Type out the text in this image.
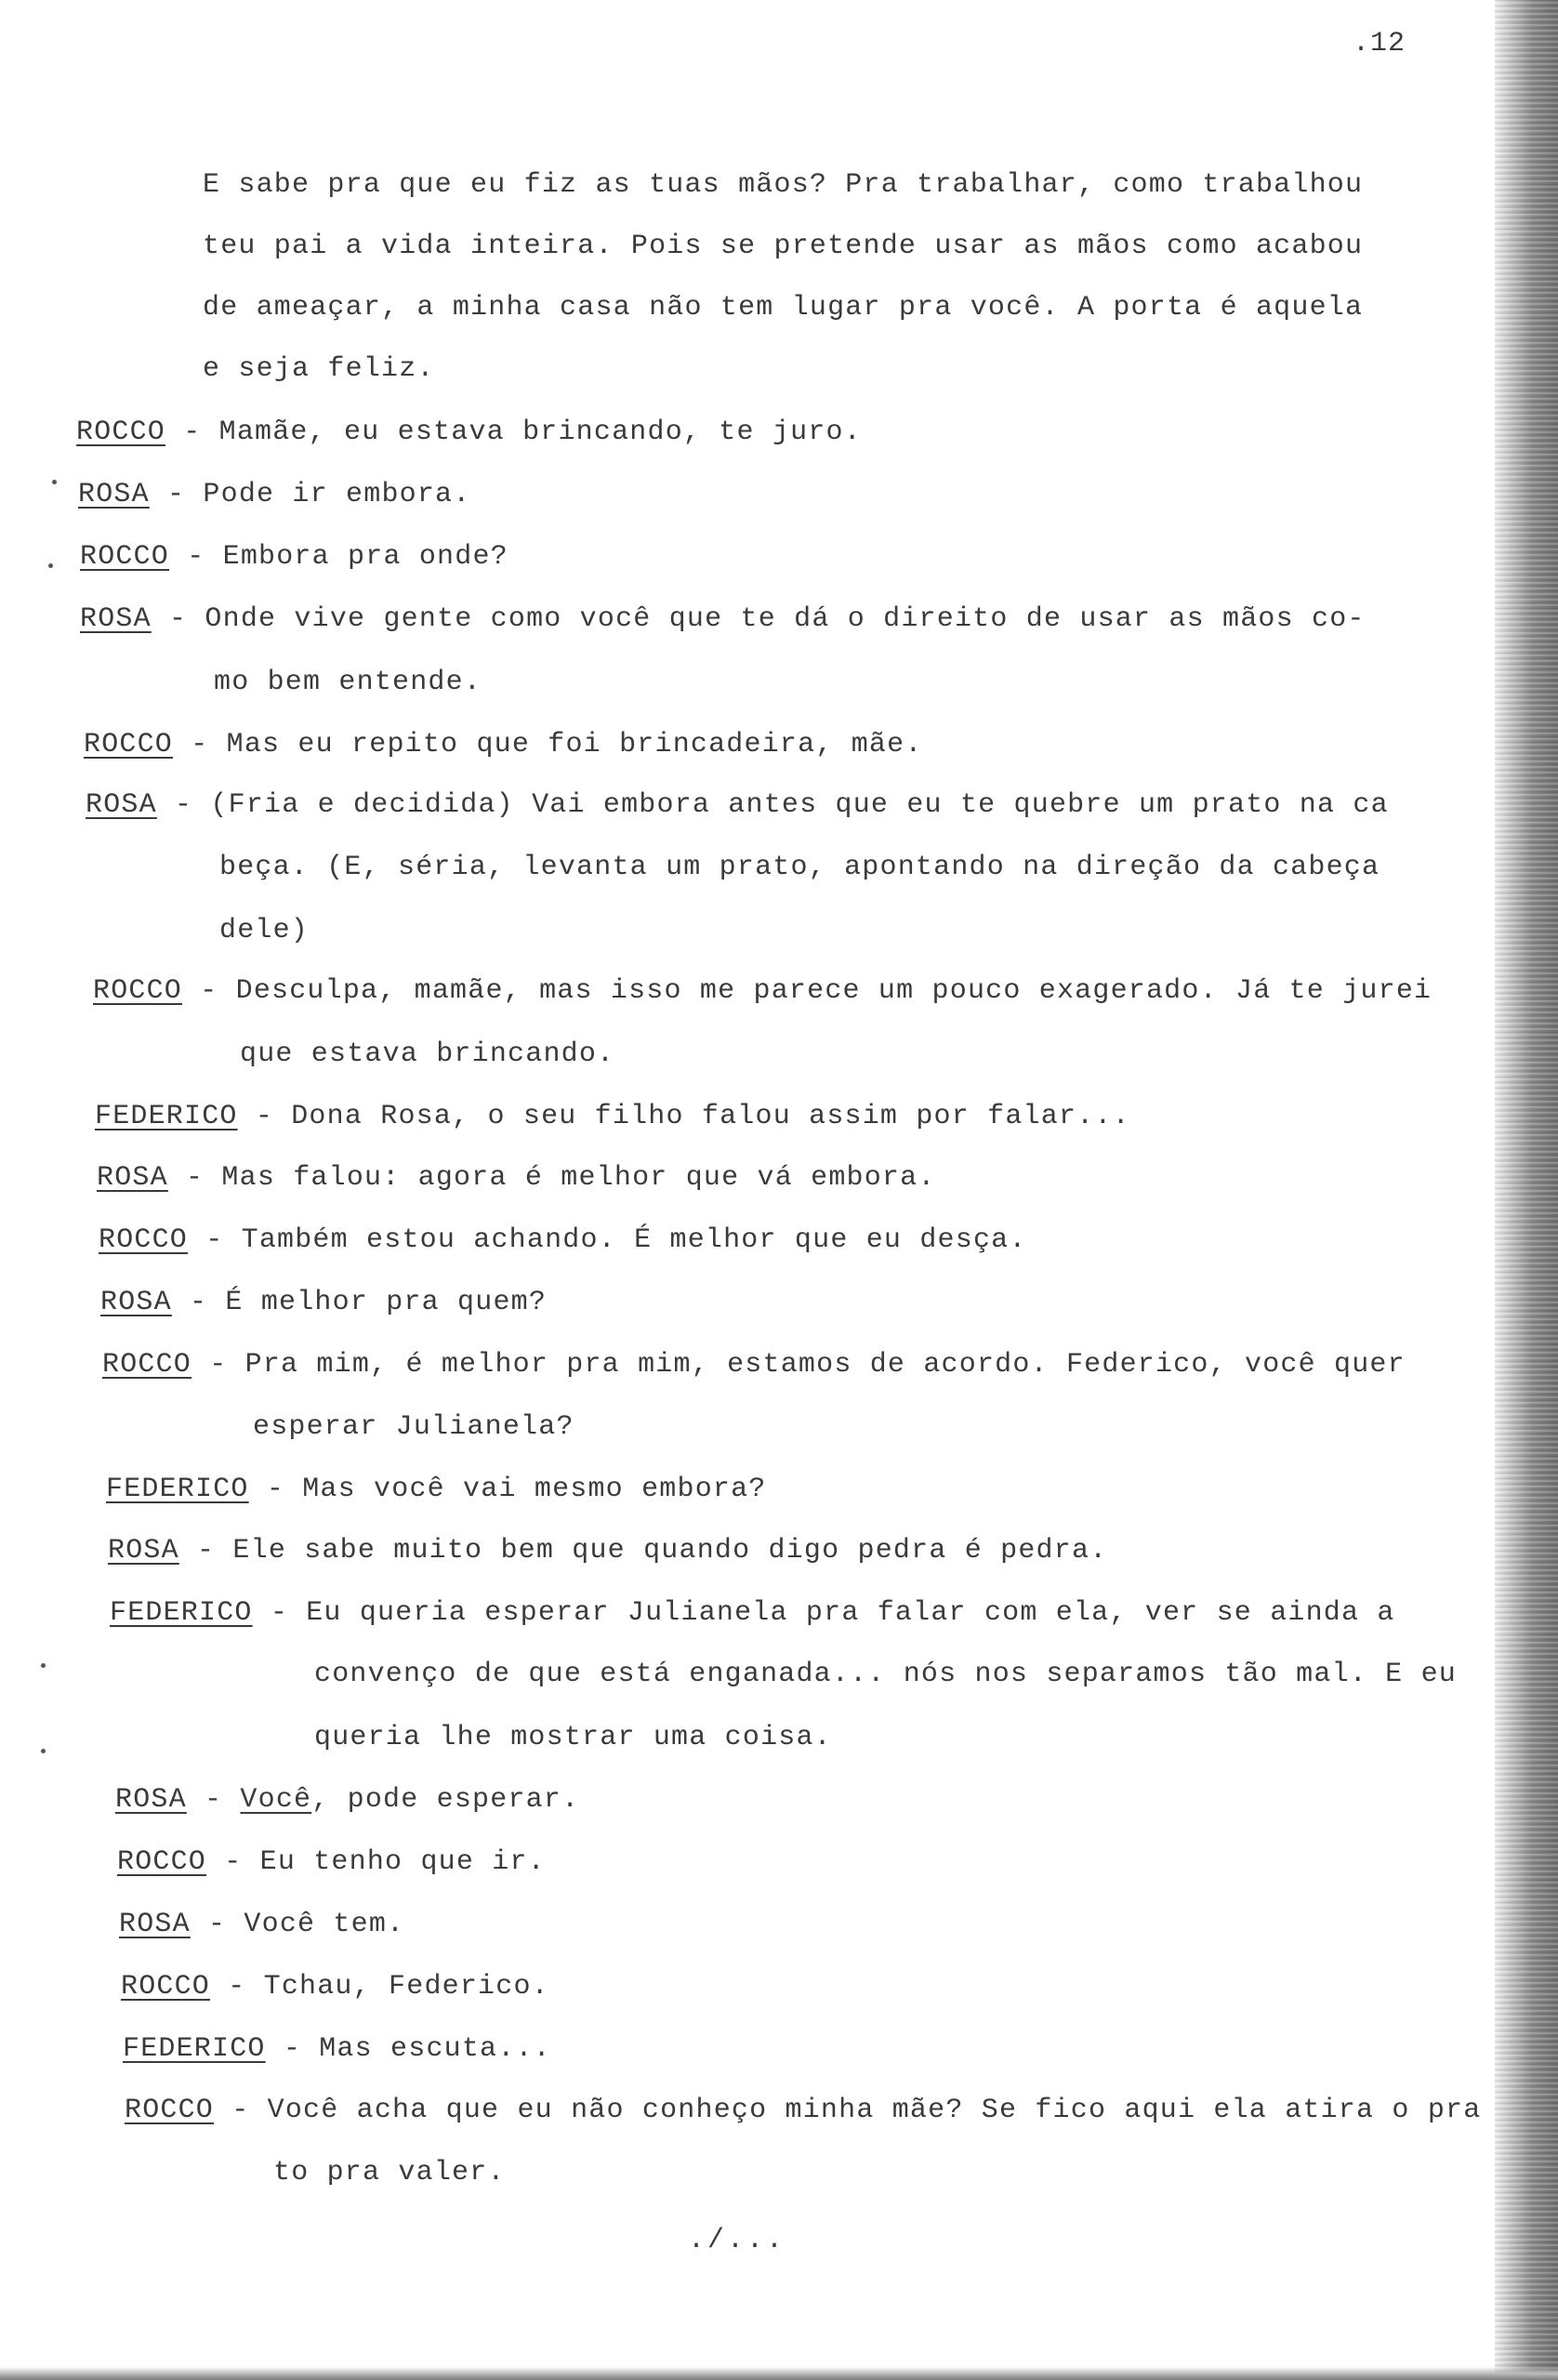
.12
E sabe pra que eu fiz as tuas mãos? Pra trabalhar, como trabalhou
teu pai a vida inteira. Pois se pretende usar as mãos como acabou
de ameaçar, a minha casa não tem lugar pra você. A porta é aquela
e seja feliz.
ROCCO - Mamãe, eu estava brincando, te juro.
ROSA - Pode ir embora.
ROCCO - Embora pra onde?
ROSA - Onde vive gente como você que te dá o direito de usar as mãos co-
mo bem entende.
ROCCO - Mas eu repito que foi brincadeira, mãe.
ROSA - (Fria e decidida) Vai embora antes que eu te quebre um prato na ca
beça. (E, séria, levanta um prato, apontando na direção da cabeça
dele)
ROCCO - Desculpa, mamãe, mas isso me parece um pouco exagerado. Já te jurei
que estava brincando.
FEDERICO - Dona Rosa, o seu filho falou assim por falar...
ROSA - Mas falou: agora é melhor que vá embora.
ROCCO - Também estou achando. É melhor que eu desça.
ROSA - É melhor pra quem?
ROCCO - Pra mim, é melhor pra mim, estamos de acordo. Federico, você quer
esperar Julianela?
FEDERICO - Mas você vai mesmo embora?
ROSA - Ele sabe muito bem que quando digo pedra é pedra.
FEDERICO - Eu queria esperar Julianela pra falar com ela, ver se ainda a
convenço de que está enganada... nós nos separamos tão mal. E eu
queria lhe mostrar uma coisa.
ROSA - Você, pode esperar.
ROCCO - Eu tenho que ir.
ROSA - Você tem.
ROCCO - Tchau, Federico.
FEDERICO - Mas escuta...
ROCCO - Você acha que eu não conheço minha mãe? Se fico aqui ela atira o pra
to pra valer.
./...
